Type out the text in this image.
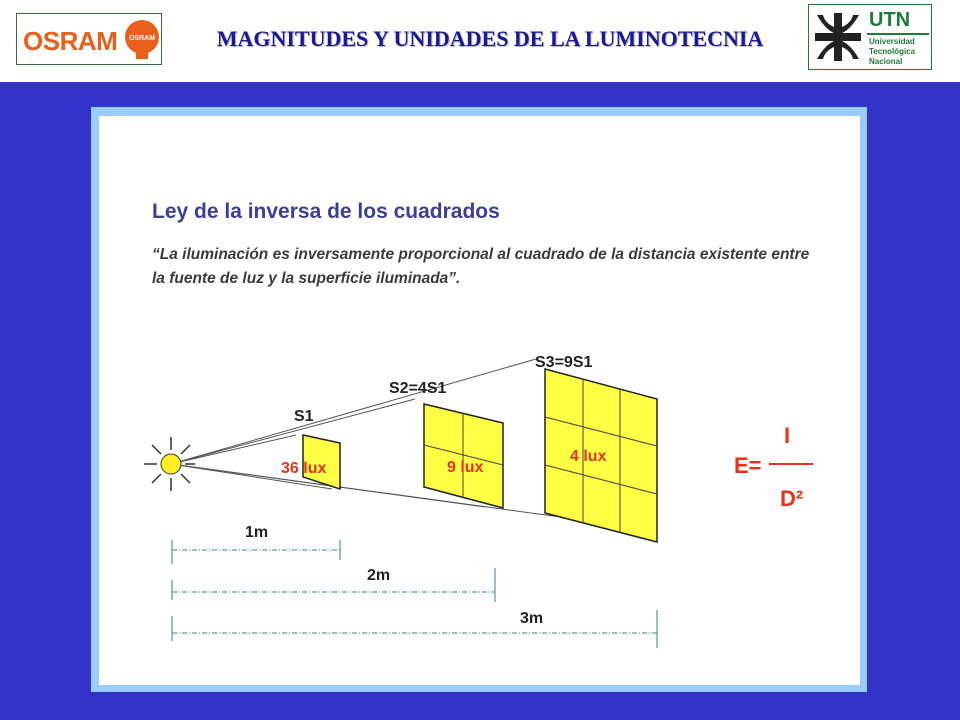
OSRAM OSRAM	MAGNITUDES Y UNIDADES DE LA LUMINOTECNIA
UTN
Universidad
Tecnológica
Nacional
Ley de la inversa de los cuadrados
“La iluminación es inversamente proporcional al cuadrado de la distancia existente entre la fuente de luz y la superficie iluminada”.
S1
S2=4S1
S3=9S1
36 lux	9 lux
4 lux
1m
2m
3m
E=
I
D²
